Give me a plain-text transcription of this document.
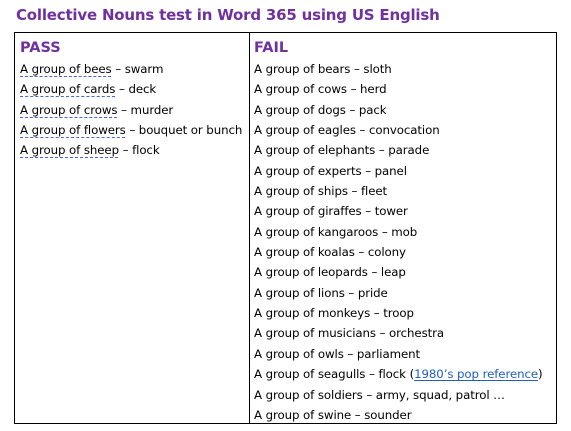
Collective Nouns test in Word 365 using US English
PASS
A group of bees – swarm
A group of cards – deck
A group of crows – murder
A group of flowers – bouquet or bunch
A group of sheep – flock
FAIL
A group of bears – sloth
A group of cows – herd
A group of dogs – pack
A group of eagles – convocation
A group of elephants – parade
A group of experts – panel
A group of ships – fleet
A group of giraffes – tower
A group of kangaroos – mob
A group of koalas – colony
A group of leopards – leap
A group of lions – pride
A group of monkeys – troop
A group of musicians – orchestra
A group of owls – parliament
A group of seagulls – flock (1980’s pop reference)
A group of soldiers – army, squad, patrol …
A group of swine – sounder
